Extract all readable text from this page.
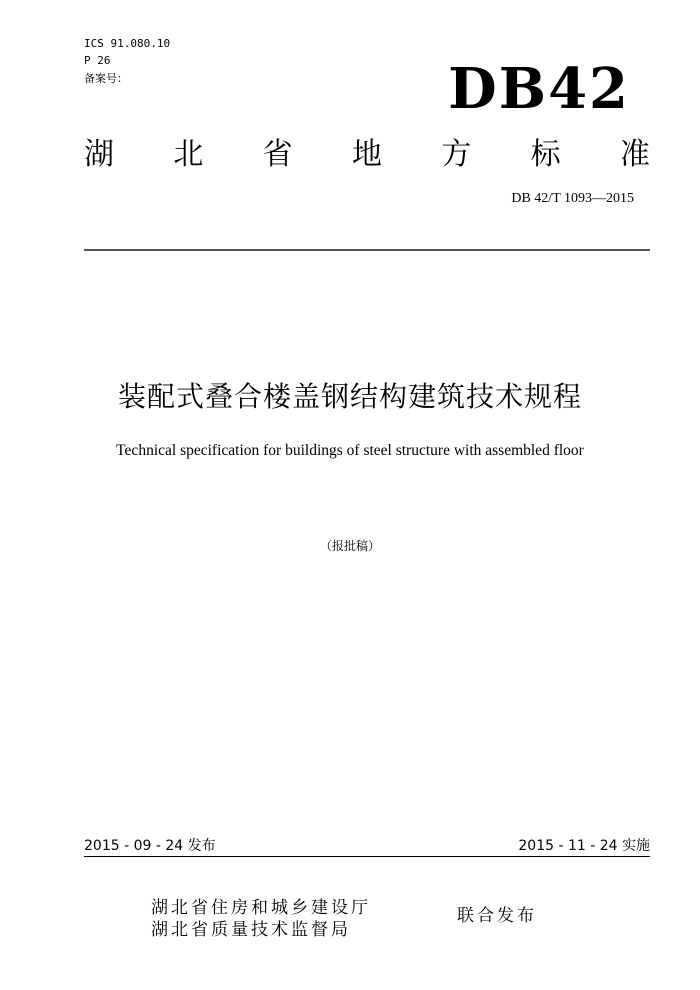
ICS 91.080.10
P 26
备案号：	DB42
湖 北 省 地 方 标 准
DB 42/T 1093—2015
装配式叠合楼盖钢结构建筑技术规程
Technical specification for buildings of steel structure with assembled floor
（报批稿）
2015 - 09 - 24 发布	2015 - 11 - 24 实施
湖北省住房和城乡建设厅
湖北省质量技术监督局
联合发布
